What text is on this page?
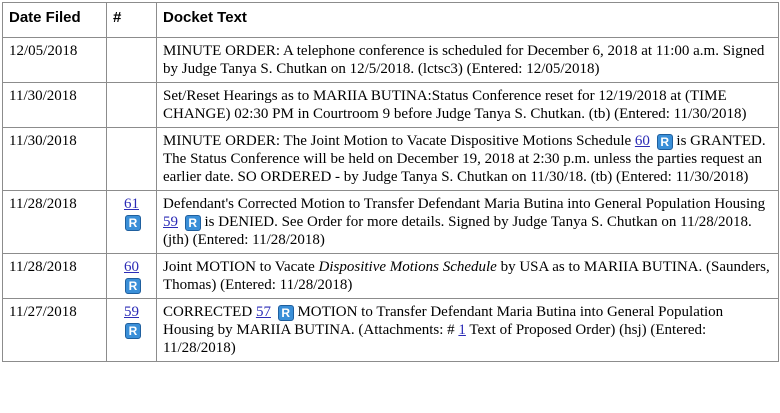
Date Filed	#	Docket Text
12/05/2018		MINUTE ORDER: A telephone conference is scheduled for December 6, 2018 at 11:00 a.m. Signed by Judge Tanya S. Chutkan on 12/5/2018. (lctsc3) (Entered: 12/05/2018)
11/30/2018		Set/Reset Hearings as to MARIIA BUTINA:Status Conference reset for 12/19/2018 at (TIME CHANGE) 02:30 PM in Courtroom 9 before Judge Tanya S. Chutkan. (tb) (Entered: 11/30/2018)
11/30/2018		MINUTE ORDER: The Joint Motion to Vacate Dispositive Motions Schedule 60 R is GRANTED. The Status Conference will be held on December 19, 2018 at 2:30 p.m. unless the parties request an earlier date. SO ORDERED - by Judge Tanya S. Chutkan on 11/30/18. (tb) (Entered: 11/30/2018)
11/28/2018	61 R	Defendant's Corrected Motion to Transfer Defendant Maria Butina into General Population Housing 59 R is DENIED. See Order for more details. Signed by Judge Tanya S. Chutkan on 11/28/2018. (jth) (Entered: 11/28/2018)
11/28/2018	60 R	Joint MOTION to Vacate Dispositive Motions Schedule by USA as to MARIIA BUTINA. (Saunders, Thomas) (Entered: 11/28/2018)
11/27/2018	59 R	CORRECTED 57 R MOTION to Transfer Defendant Maria Butina into General Population Housing by MARIIA BUTINA. (Attachments: # 1 Text of Proposed Order) (hsj) (Entered: 11/28/2018)
